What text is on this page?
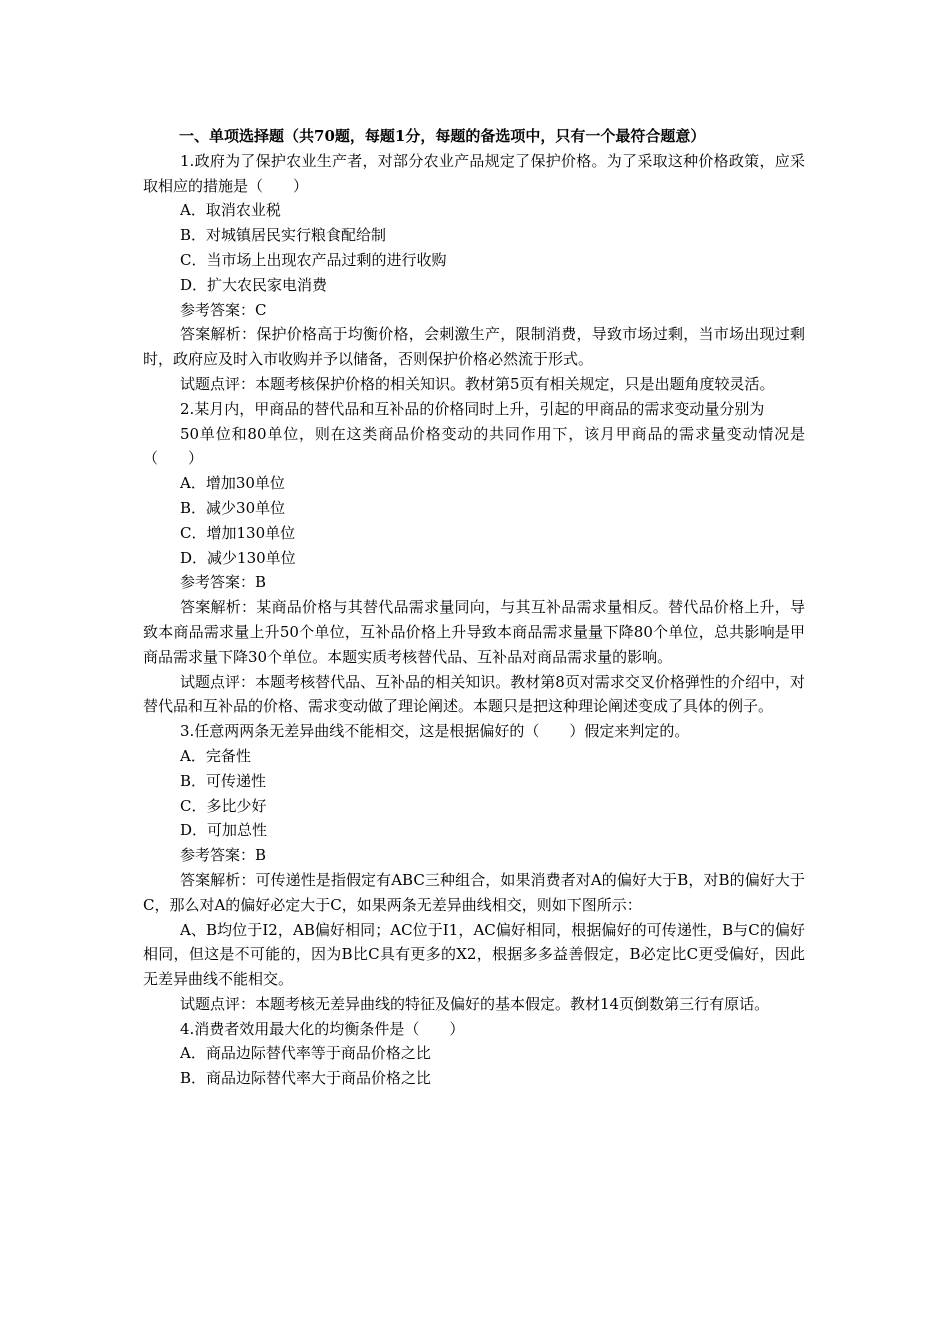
一、单项选择题（共70题，每题1分，每题的备选项中，只有一个最符合题意）

1.政府为了保护农业生产者，对部分农业产品规定了保护价格。为了采取这种价格政策，应采取相应的措施是（　　）

A．取消农业税

B．对城镇居民实行粮食配给制

C．当市场上出现农产品过剩的进行收购

D．扩大农民家电消费

参考答案：C

答案解析：保护价格高于均衡价格，会刺激生产，限制消费，导致市场过剩，当市场出现过剩时，政府应及时入市收购并予以储备，否则保护价格必然流于形式。

试题点评：本题考核保护价格的相关知识。教材第5页有相关规定，只是出题角度较灵活。

2.某月内，甲商品的替代品和互补品的价格同时上升，引起的甲商品的需求变动量分别为

50单位和80单位，则在这类商品价格变动的共同作用下，该月甲商品的需求量变动情况是（　　）

A．增加30单位

B．减少30单位

C．增加130单位

D．减少130单位

参考答案：B

答案解析：某商品价格与其替代品需求量同向，与其互补品需求量相反。替代品价格上升，导致本商品需求量上升50个单位，互补品价格上升导致本商品需求量量下降80个单位，总共影响是甲商品需求量下降30个单位。本题实质考核替代品、互补品对商品需求量的影响。

试题点评：本题考核替代品、互补品的相关知识。教材第8页对需求交叉价格弹性的介绍中，对替代品和互补品的价格、需求变动做了理论阐述。本题只是把这种理论阐述变成了具体的例子。

3.任意两两条无差异曲线不能相交，这是根据偏好的（　　）假定来判定的。

A．完备性

B．可传递性

C．多比少好

D．可加总性

参考答案：B

答案解析：可传递性是指假定有ABC三种组合，如果消费者对A的偏好大于B，对B的偏好大于C，那么对A的偏好必定大于C，如果两条无差异曲线相交，则如下图所示：

A、B均位于I2，AB偏好相同；AC位于I1，AC偏好相同，根据偏好的可传递性，B与C的偏好相同，但这是不可能的，因为B比C具有更多的X2，根据多多益善假定，B必定比C更受偏好，因此无差异曲线不能相交。

试题点评：本题考核无差异曲线的特征及偏好的基本假定。教材14页倒数第三行有原话。

4.消费者效用最大化的均衡条件是（　　）

A．商品边际替代率等于商品价格之比

B．商品边际替代率大于商品价格之比
